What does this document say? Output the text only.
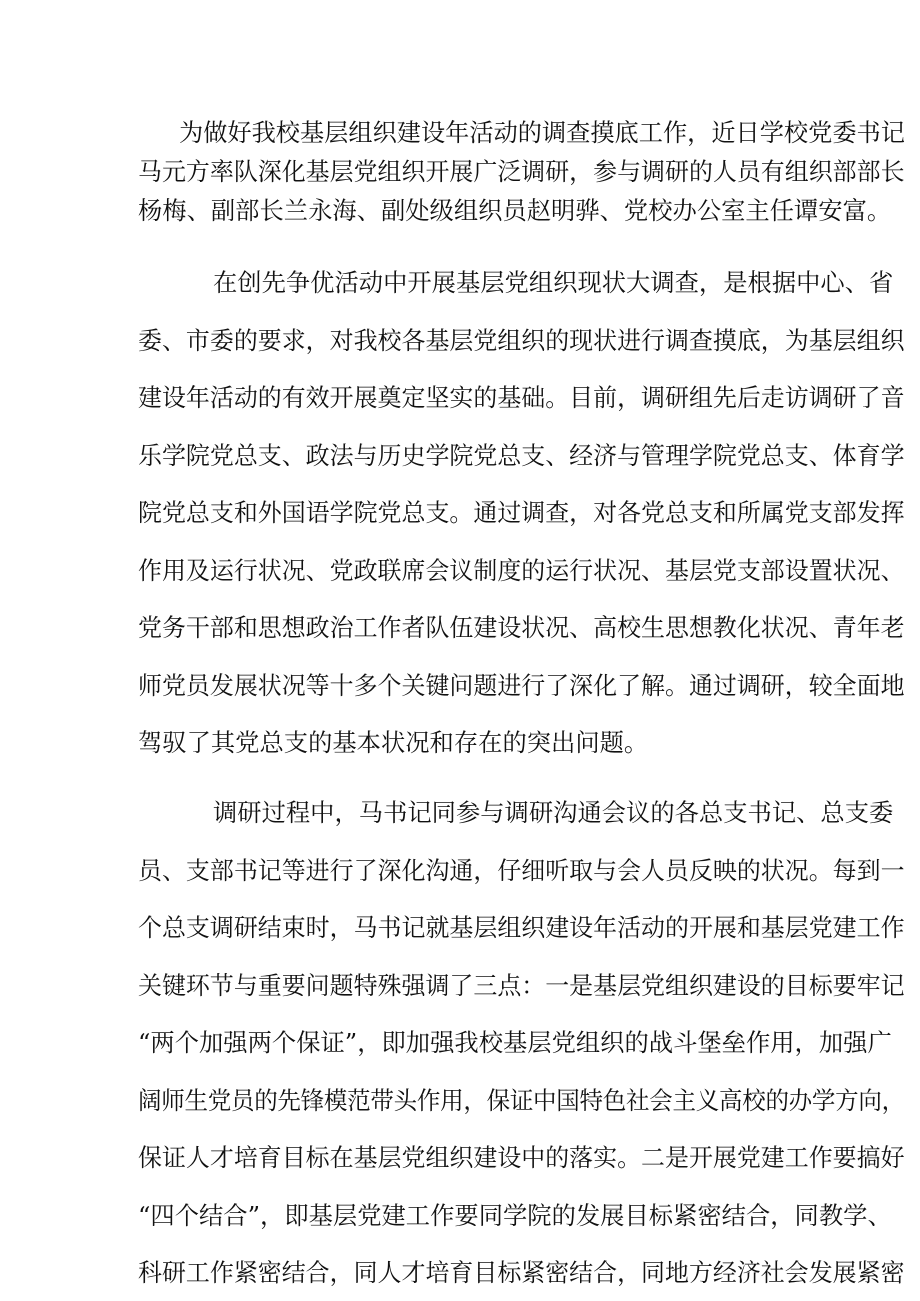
为做好我校基层组织建设年活动的调查摸底工作，近日学校党委书记
马元方率队深化基层党组织开展广泛调研，参与调研的人员有组织部部长
杨梅、副部长兰永海、副处级组织员赵明骅、党校办公室主任谭安富。
在创先争优活动中开展基层党组织现状大调查，是根据中心、省
委、市委的要求，对我校各基层党组织的现状进行调查摸底，为基层组织
建设年活动的有效开展奠定坚实的基础。目前，调研组先后走访调研了音
乐学院党总支、政法与历史学院党总支、经济与管理学院党总支、体育学
院党总支和外国语学院党总支。通过调查，对各党总支和所属党支部发挥
作用及运行状况、党政联席会议制度的运行状况、基层党支部设置状况、
党务干部和思想政治工作者队伍建设状况、高校生思想教化状况、青年老
师党员发展状况等十多个关键问题进行了深化了解。通过调研，较全面地
驾驭了其党总支的基本状况和存在的突出问题。
调研过程中，马书记同参与调研沟通会议的各总支书记、总支委
员、支部书记等进行了深化沟通，仔细听取与会人员反映的状况。每到一
个总支调研结束时，马书记就基层组织建设年活动的开展和基层党建工作
关键环节与重要问题特殊强调了三点：一是基层党组织建设的目标要牢记
“两个加强两个保证”，即加强我校基层党组织的战斗堡垒作用，加强广
阔师生党员的先锋模范带头作用，保证中国特色社会主义高校的办学方向，
保证人才培育目标在基层党组织建设中的落实。二是开展党建工作要搞好
“四个结合”，即基层党建工作要同学院的发展目标紧密结合，同教学、
科研工作紧密结合，同人才培育目标紧密结合，同地方经济社会发展紧密
